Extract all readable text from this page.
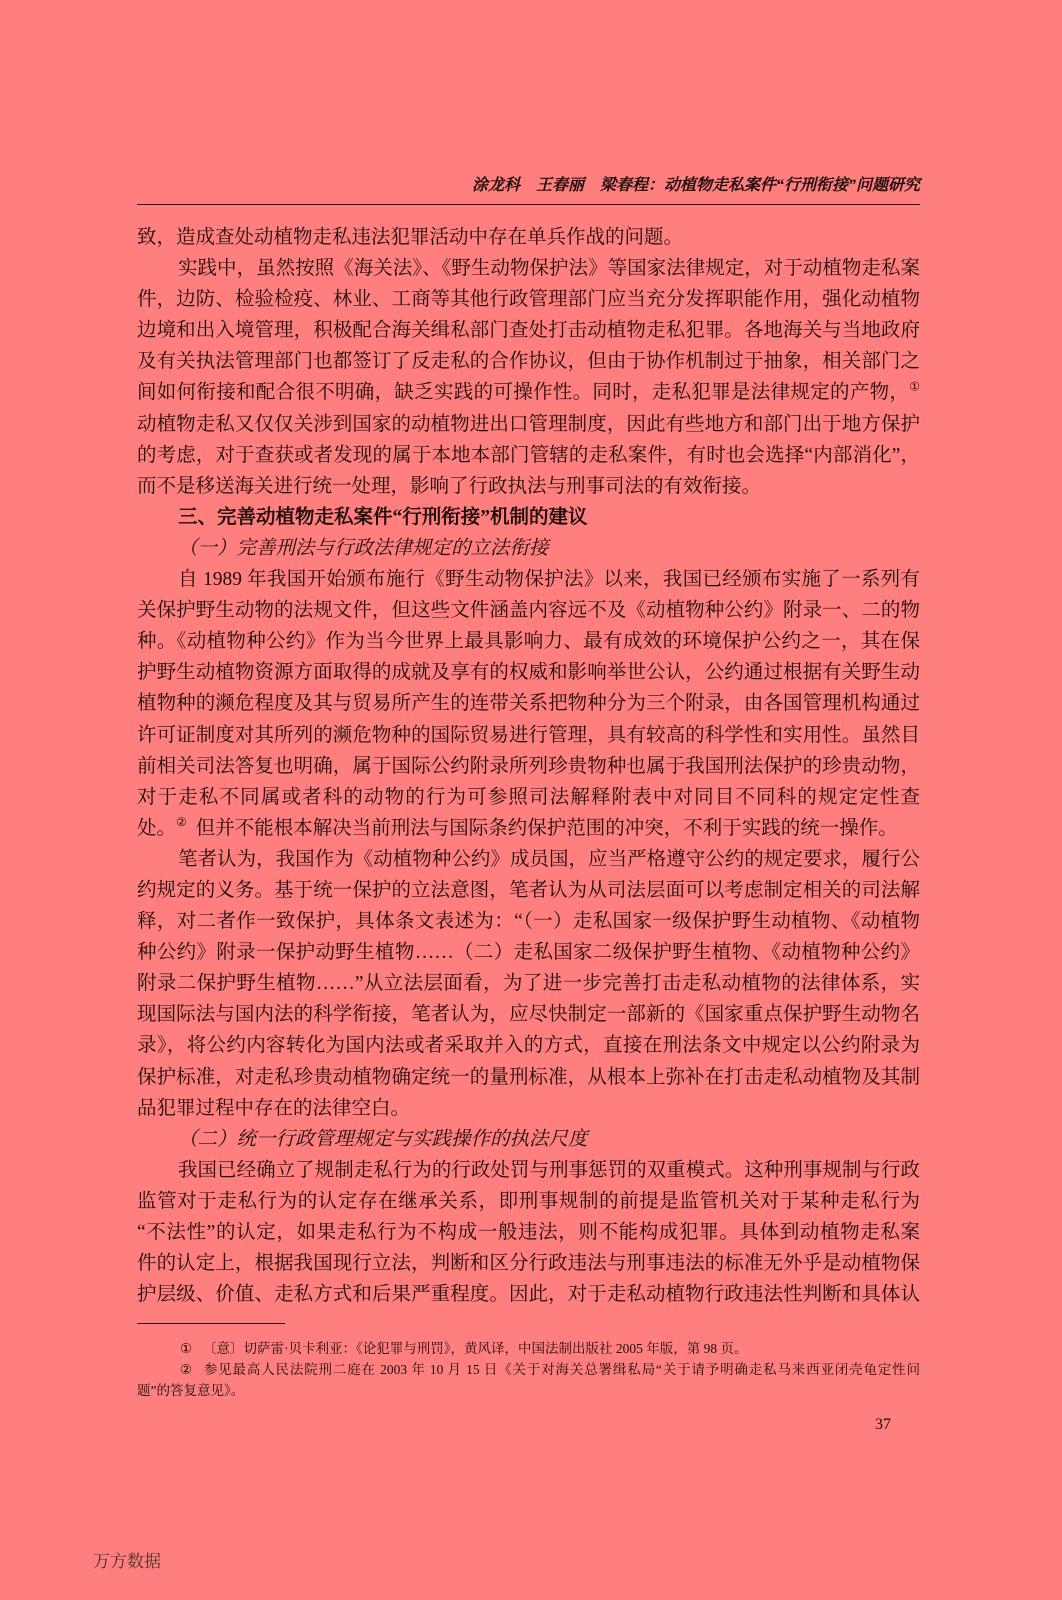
涂龙科　王春丽　梁春程：动植物走私案件“行刑衔接”问题研究
致，造成查处动植物走私违法犯罪活动中存在单兵作战的问题。
实践中，虽然按照《海关法》、《野生动物保护法》等国家法律规定，对于动植物走私案
件，边防、检验检疫、林业、工商等其他行政管理部门应当充分发挥职能作用，强化动植物
边境和出入境管理，积极配合海关缉私部门查处打击动植物走私犯罪。各地海关与当地政府
及有关执法管理部门也都签订了反走私的合作协议，但由于协作机制过于抽象，相关部门之
间如何衔接和配合很不明确，缺乏实践的可操作性。同时，走私犯罪是法律规定的产物，①
动植物走私又仅仅关涉到国家的动植物进出口管理制度，因此有些地方和部门出于地方保护
的考虑，对于查获或者发现的属于本地本部门管辖的走私案件，有时也会选择“内部消化”，
而不是移送海关进行统一处理，影响了行政执法与刑事司法的有效衔接。
三、完善动植物走私案件“行刑衔接”机制的建议
（一）完善刑法与行政法律规定的立法衔接
自 1989 年我国开始颁布施行《野生动物保护法》以来，我国已经颁布实施了一系列有
关保护野生动物的法规文件，但这些文件涵盖内容远不及《动植物种公约》附录一、二的物
种。《动植物种公约》作为当今世界上最具影响力、最有成效的环境保护公约之一，其在保
护野生动植物资源方面取得的成就及享有的权威和影响举世公认，公约通过根据有关野生动
植物种的濒危程度及其与贸易所产生的连带关系把物种分为三个附录，由各国管理机构通过
许可证制度对其所列的濒危物种的国际贸易进行管理，具有较高的科学性和实用性。虽然目
前相关司法答复也明确，属于国际公约附录所列珍贵物种也属于我国刑法保护的珍贵动物，
对于走私不同属或者科的动物的行为可参照司法解释附表中对同目不同科的规定定性查
处。② 但并不能根本解决当前刑法与国际条约保护范围的冲突，不利于实践的统一操作。
笔者认为，我国作为《动植物种公约》成员国，应当严格遵守公约的规定要求，履行公
约规定的义务。基于统一保护的立法意图，笔者认为从司法层面可以考虑制定相关的司法解
释，对二者作一致保护，具体条文表述为：“（一）走私国家一级保护野生动植物、《动植物
种公约》附录一保护动野生植物……（二）走私国家二级保护野生植物、《动植物种公约》
附录二保护野生植物……”从立法层面看，为了进一步完善打击走私动植物的法律体系，实
现国际法与国内法的科学衔接，笔者认为，应尽快制定一部新的《国家重点保护野生动物名
录》，将公约内容转化为国内法或者采取并入的方式，直接在刑法条文中规定以公约附录为
保护标准，对走私珍贵动植物确定统一的量刑标准，从根本上弥补在打击走私动植物及其制
品犯罪过程中存在的法律空白。
（二）统一行政管理规定与实践操作的执法尺度
我国已经确立了规制走私行为的行政处罚与刑事惩罚的双重模式。这种刑事规制与行政
监管对于走私行为的认定存在继承关系，即刑事规制的前提是监管机关对于某种走私行为
“不法性”的认定，如果走私行为不构成一般违法，则不能构成犯罪。具体到动植物走私案
件的认定上，根据我国现行立法，判断和区分行政违法与刑事违法的标准无外乎是动植物保
护层级、价值、走私方式和后果严重程度。因此，对于走私动植物行政违法性判断和具体认
① 〔意〕切萨雷·贝卡利亚：《论犯罪与刑罚》，黄风译，中国法制出版社 2005 年版，第 98 页。
② 参见最高人民法院刑二庭在 2003 年 10 月 15 日《关于对海关总署缉私局“关于请予明确走私马来西亚闭壳龟定性问
题”的答复意见》。
37
万方数据
